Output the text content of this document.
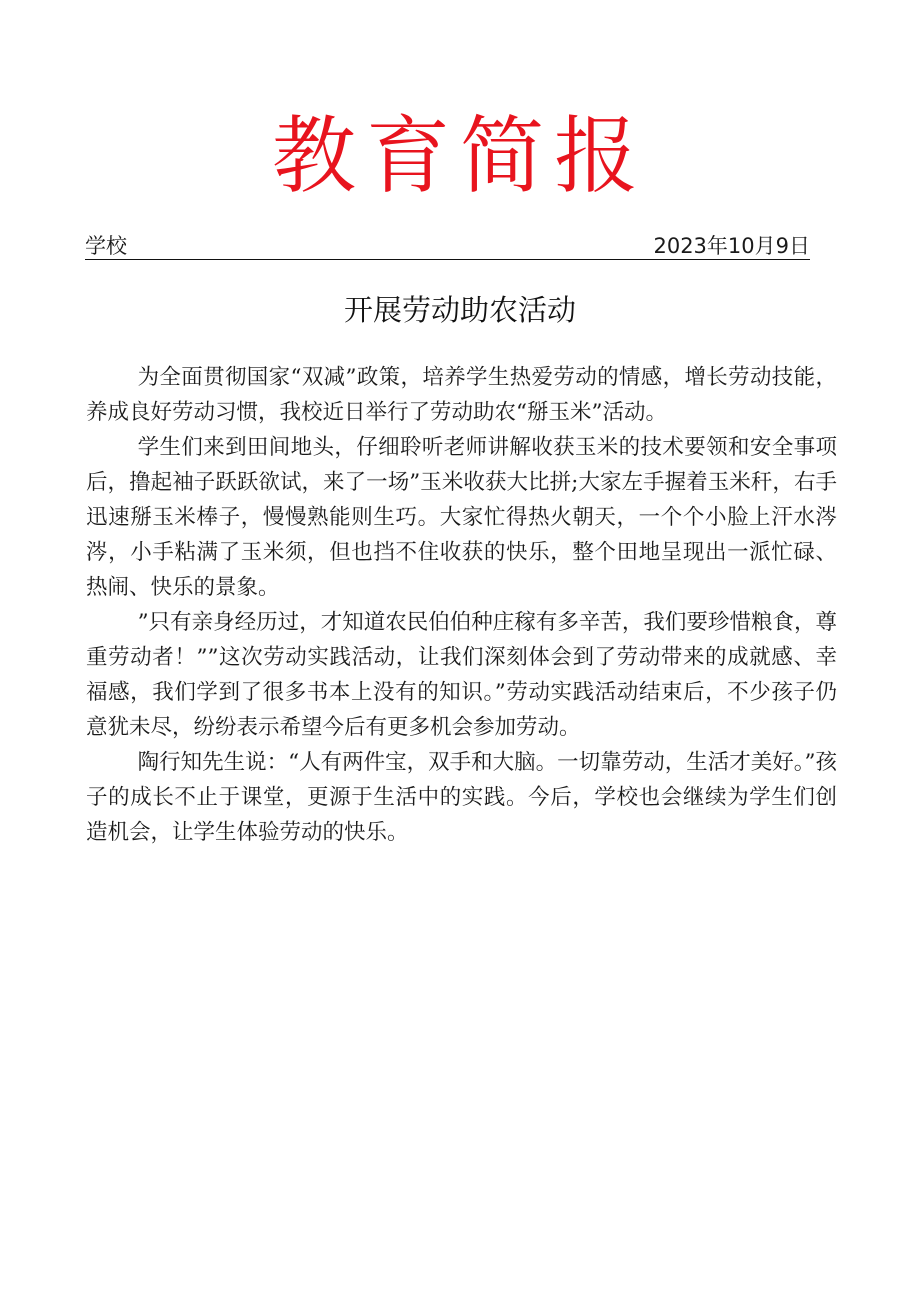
教育简报
学校	2023年10月9日
开展劳动助农活动

为全面贯彻国家“双减”政策，培养学生热爱劳动的情感，增长劳动技能，养成良好劳动习惯，我校近日举行了劳动助农“掰玉米”活动。

学生们来到田间地头，仔细聆听老师讲解收获玉米的技术要领和安全事项后，撸起袖子跃跃欲试，来了一场”玉米收获大比拼;大家左手握着玉米秆，右手迅速掰玉米棒子，慢慢熟能则生巧。大家忙得热火朝天，一个个小脸上汗水涔涔，小手粘满了玉米须，但也挡不住收获的快乐，整个田地呈现出一派忙碌、热闹、快乐的景象。

”只有亲身经历过，才知道农民伯伯种庄稼有多辛苦，我们要珍惜粮食，尊重劳动者！””这次劳动实践活动，让我们深刻体会到了劳动带来的成就感、幸福感，我们学到了很多书本上没有的知识。”劳动实践活动结束后，不少孩子仍意犹未尽，纷纷表示希望今后有更多机会参加劳动。

陶行知先生说：“人有两件宝，双手和大脑。一切靠劳动，生活才美好。”孩子的成长不止于课堂，更源于生活中的实践。今后，学校也会继续为学生们创造机会，让学生体验劳动的快乐。
